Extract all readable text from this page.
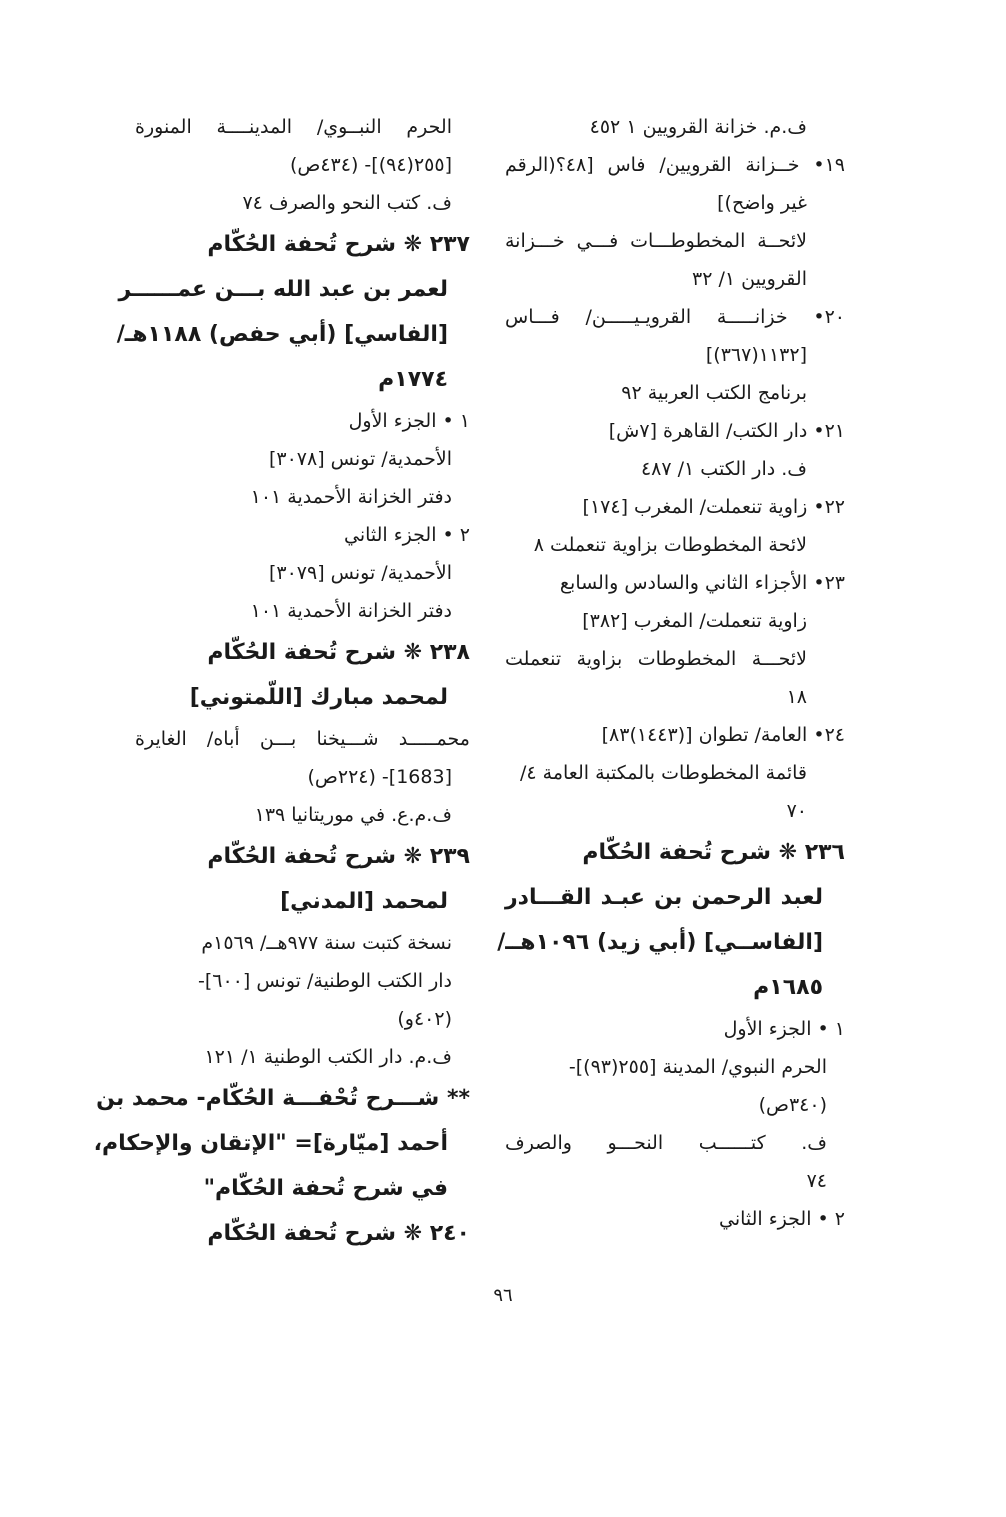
ف.م. خزانة القرويين ١ ٤٥٢
١٩• خــزانة القرويين/ فاس [٤٨؟(الرقم
غير واضح)]
لائحــة المخطوطـــات فـــي خـــزانة
القرويين ١/ ٣٢
٢٠• خزانـــــة القرويـيـــــن/ فـــاس
[١١٣٢(٣٦٧)]
برنامج الكتب العربية ٩٢
٢١• دار الكتب/ القاهرة [٧ش]
ف. دار الكتب ١/ ٤٨٧
٢٢• زاوية تنعملت/ المغرب [١٧٤]
لائحة المخطوطات بزاوية تنعملت ٨
٢٣• الأجزاء الثاني والسادس والسابع
زاوية تنعملت/ المغرب [٣٨٢]
لائحـــة المخطوطات بزاوية تنعملت
١٨
٢٤• العامة/ تطوان [(١٤٤٣)٨٣]
قائمة المخطوطات بالمكتبة العامة ٤/
٧٠
٢٣٦ ❋ شرح تُحفة الحُكّام
لعبد الرحمن بن عبـد القـــادر
[الفاســي] (أبي زيد) ١٠٩٦هــ/
١٦٨٥م
١ • الجزء الأول
الحرم النبوي/ المدينة [٢٥٥(٩٣)]-
(٣٤٠ص)
ف. كتــــــب النحـــو والصرف
٧٤
٢ • الجزء الثاني
الحرم النبــوي/ المدينــــة المنورة
[٢٥٥(٩٤)]- (٤٣٤ص)
ف. كتب النحو والصرف ٧٤
٢٣٧ ❋ شرح تُحفة الحُكّام
لعمر بن عبد الله بـــن عمــــــر
[الفاسي] (أبي حفص) ١١٨٨هـ/
١٧٧٤م
١ • الجزء الأول
الأحمدية/ تونس [٣٠٧٨]
دفتر الخزانة الأحمدية ١٠١
٢ • الجزء الثاني
الأحمدية/ تونس [٣٠٧٩]
دفتر الخزانة الأحمدية ١٠١
٢٣٨ ❋ شرح تُحفة الحُكّام
لمحمد مبارك [اللّمتوني]
محمـــــد شـــيخنا بـــن أباه/ الغايرة
[1683]- (٢٢٤ص)
ف.م.ع. في موريتانيا ١٣٩
٢٣٩ ❋ شرح تُحفة الحُكّام
لمحمد [المدني]
نسخة كتبت سنة ٩٧٧هــ/ ١٥٦٩م
دار الكتب الوطنية/ تونس [٦٠٠]-
(٤٠٢و)
ف.م. دار الكتب الوطنية ١/ ١٢١
** شـــرح تُحْفـــة الحُكّام- محمد بن
أحمد [ميّارة]= "الإتقان والإحكام،
في شرح تُحفة الحُكّام"
٢٤٠ ❋ شرح تُحفة الحُكّام
٩٦
